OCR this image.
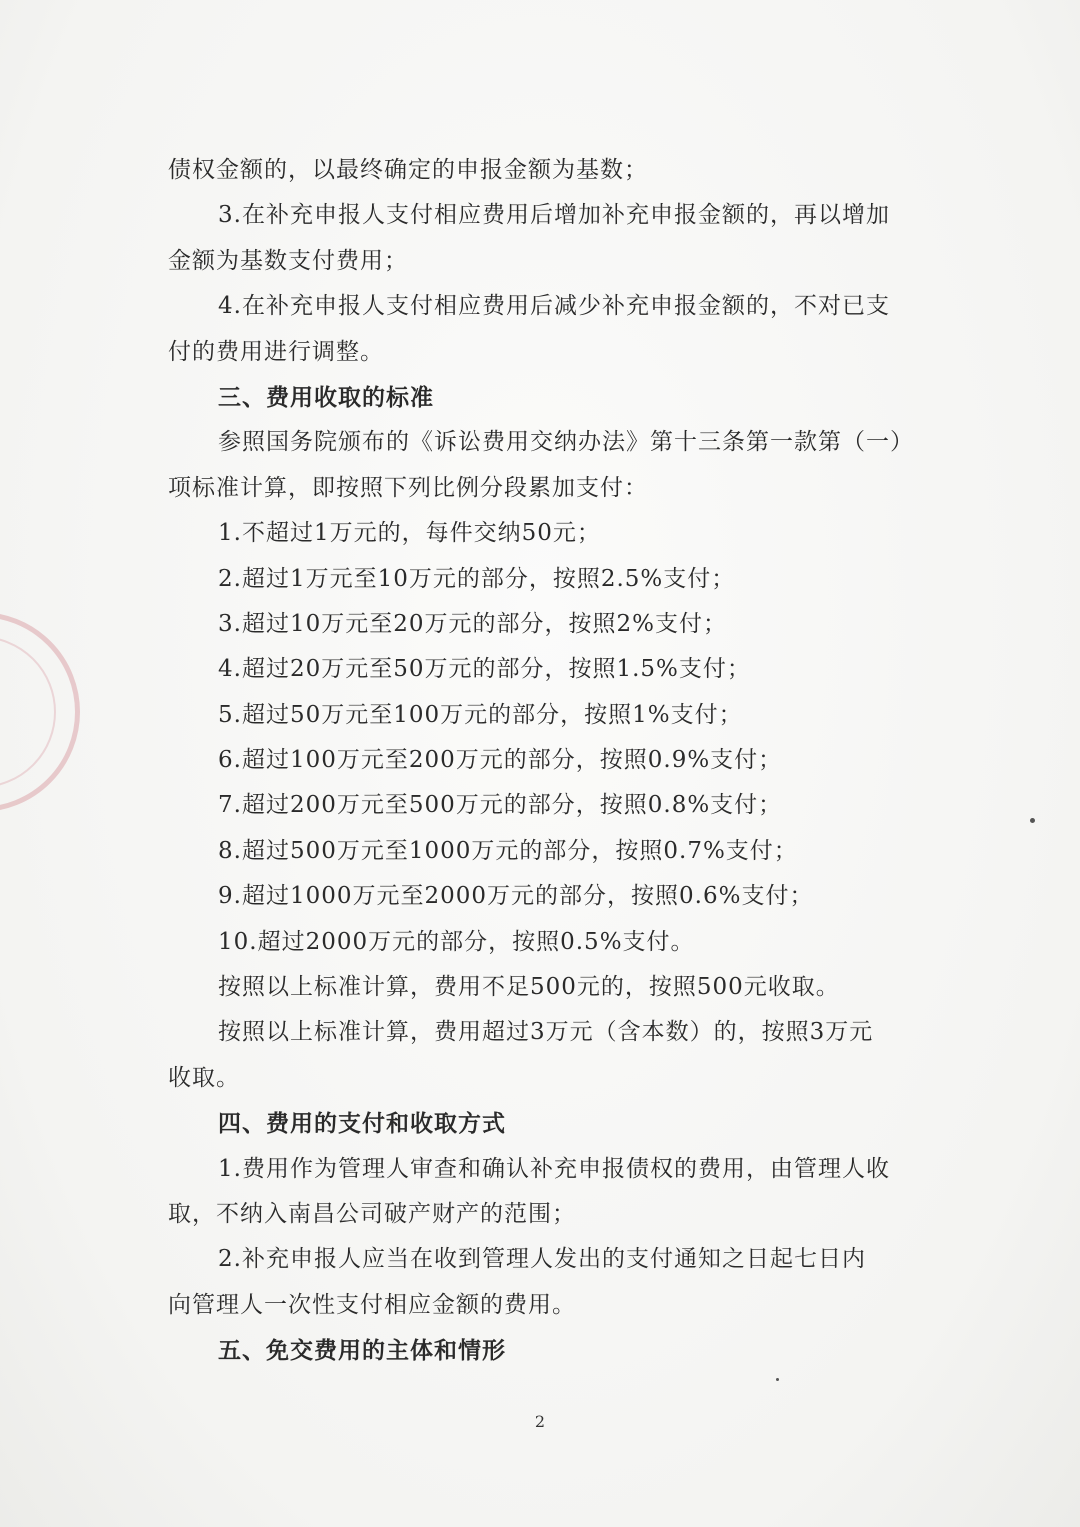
债权金额的，以最终确定的申报金额为基数；
3.在补充申报人支付相应费用后增加补充申报金额的，再以增加
金额为基数支付费用；
4.在补充申报人支付相应费用后减少补充申报金额的，不对已支
付的费用进行调整。
三、费用收取的标准
参照国务院颁布的《诉讼费用交纳办法》第十三条第一款第（一）
项标准计算，即按照下列比例分段累加支付：
1.不超过1万元的，每件交纳50元；
2.超过1万元至10万元的部分，按照2.5%支付；
3.超过10万元至20万元的部分，按照2%支付；
4.超过20万元至50万元的部分，按照1.5%支付；
5.超过50万元至100万元的部分，按照1%支付；
6.超过100万元至200万元的部分，按照0.9%支付；
7.超过200万元至500万元的部分，按照0.8%支付；
8.超过500万元至1000万元的部分，按照0.7%支付；
9.超过1000万元至2000万元的部分，按照0.6%支付；
10.超过2000万元的部分，按照0.5%支付。
按照以上标准计算，费用不足500元的，按照500元收取。
按照以上标准计算，费用超过3万元（含本数）的，按照3万元
收取。
四、费用的支付和收取方式
1.费用作为管理人审查和确认补充申报债权的费用，由管理人收
取，不纳入南昌公司破产财产的范围；
2.补充申报人应当在收到管理人发出的支付通知之日起七日内
向管理人一次性支付相应金额的费用。
五、免交费用的主体和情形
2
